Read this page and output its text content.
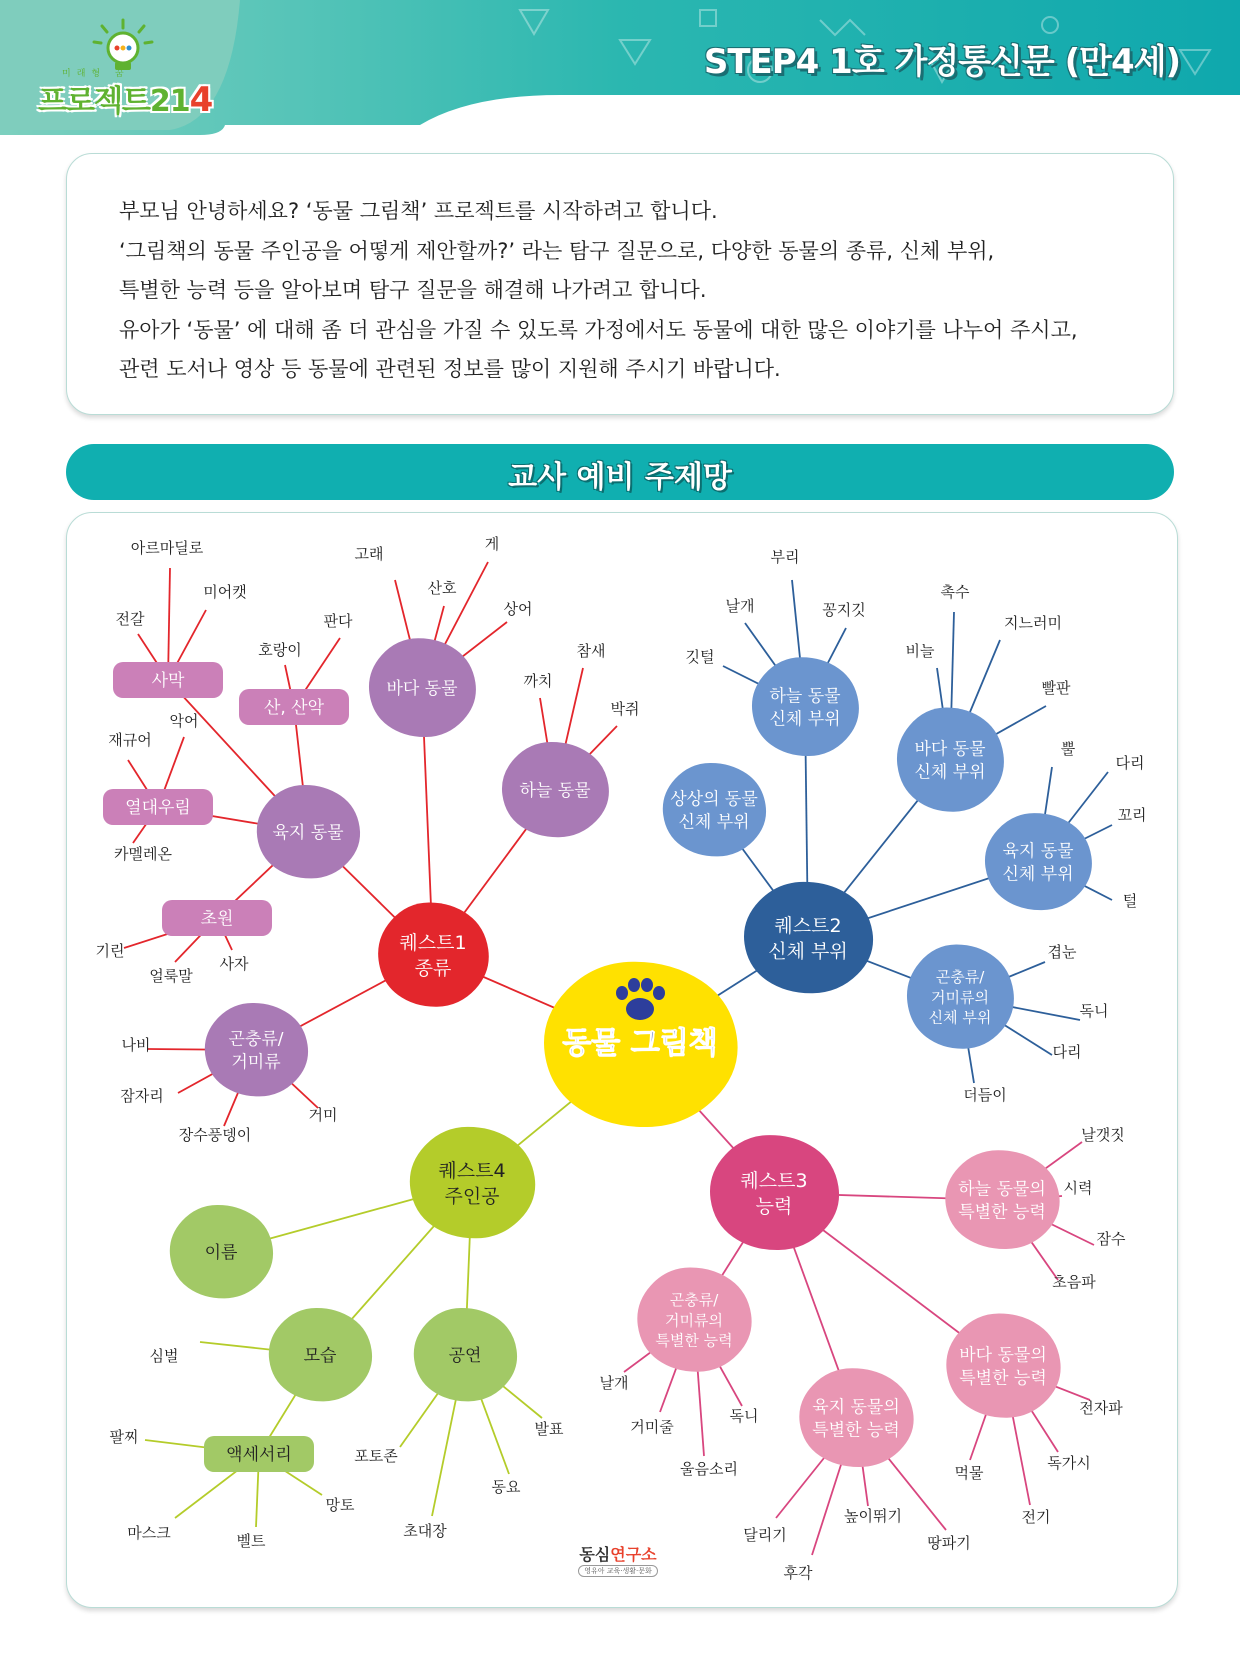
미래형 꿈
프로젝트214
STEP4 1호 가정통신문 (만4세)

부모님 안녕하세요? ‘동물 그림책’ 프로젝트를 시작하려고 합니다.

‘그림책의 동물 주인공을 어떻게 제안할까?’ 라는 탐구 질문으로, 다양한 동물의 종류, 신체 부위,

특별한 능력 등을 알아보며 탐구 질문을 해결해 나가려고 합니다.

유아가 ‘동물’ 에 대해 좀 더 관심을 가질 수 있도록 가정에서도 동물에 대한 많은 이야기를 나누어 주시고,

관련 도서나 영상 등 동물에 관련된 정보를 많이 지원해 주시기 바랍니다.

교사 예비 주제망
동물 그림책
퀘스트1
종류
바다 동물
하늘 동물
육지 동물
곤충류/
거미류
사막
산, 산악
열대우림
초원	퀘스트2
신체 부위
하늘 동물
신체 부위
상상의 동물
신체 부위
바다 동물
신체 부위
육지 동물
신체 부위
곤충류/
거미류의
신체 부위
퀘스트3
능력
하늘 동물의
특별한 능력
곤충류/
거미류의
특별한 능력
육지 동물의
특별한 능력
바다 동물의
특별한 능력
퀘스트4
주인공
이름
모습	공연
액세서리
고래
게
산호
상어
참새
까치
박쥐
아르마딜로
미어캣
전갈
호랑이
판다
악어
재규어
카멜레온
기린
얼룩말
사자
나비
잠자리
장수풍뎅이
거미
부리
날개	꽁지깃
깃털
촉수
지느러미
비늘
빨판
뿔
다리
꼬리
털
겹눈
독니
다리
더듬이
날갯짓
시력
잠수
초음파
날개
거미줄
독니
울음소리
달리기
높이뛰기
후각
땅파기
전자파
독가시
먹물
전기
심벌
팔찌
마스크	벨트
망토
포토존
발표
동요
초대장
동심연구소
영유아 교육·생활·문화
